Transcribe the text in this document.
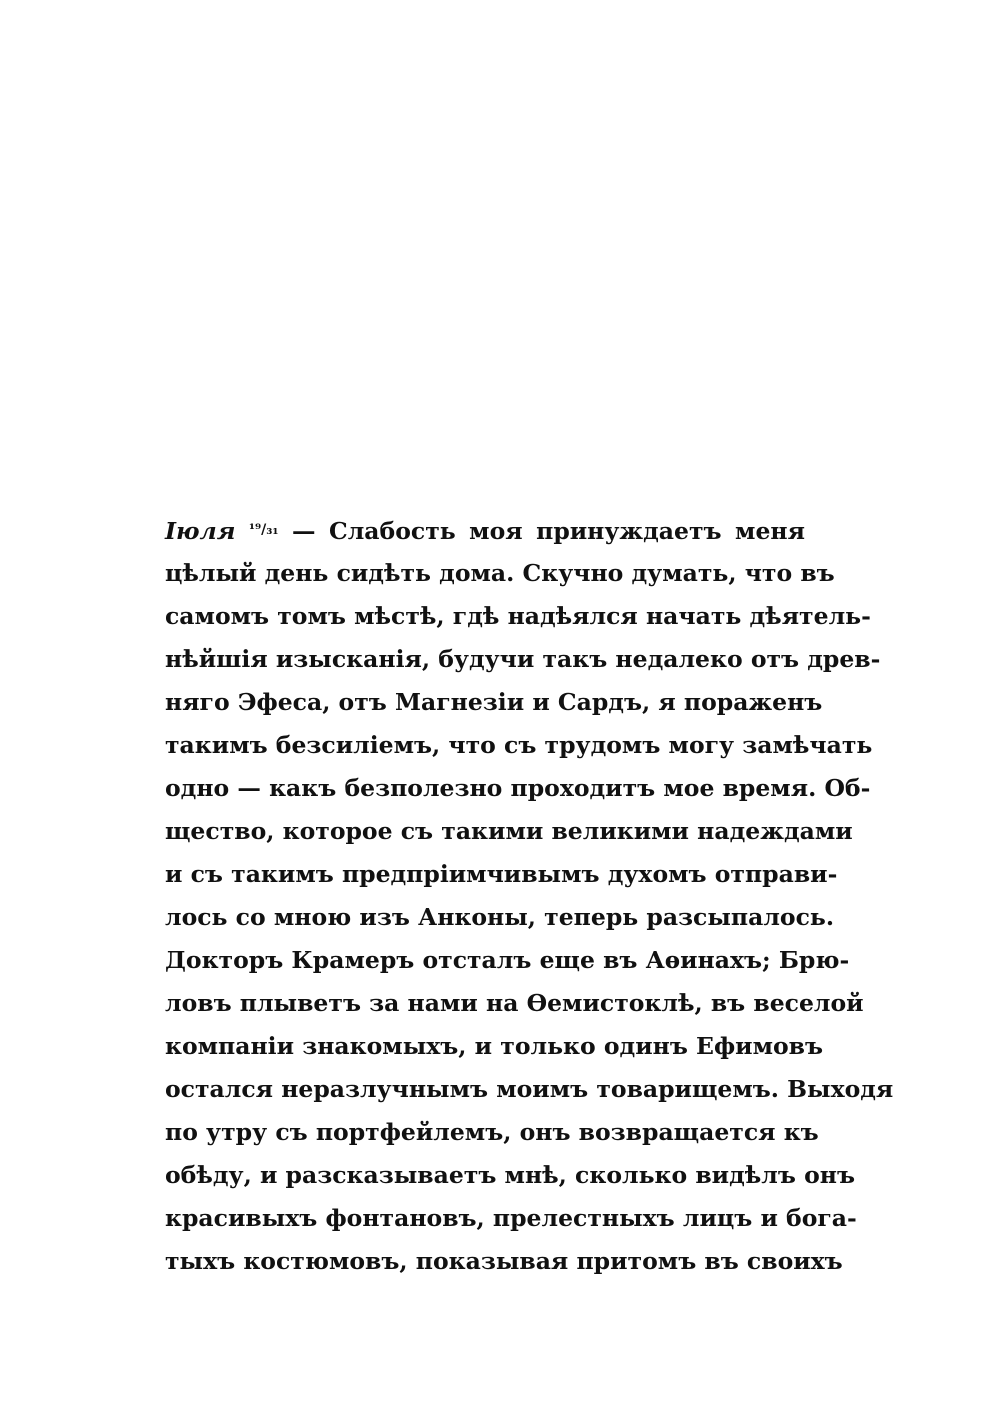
Іюля $^{^{19}/_{31}}$ — Слабость моя принуждаетъ меня
цѣлый день сидѣть дома. Скучно думать, что въ
самомъ томъ мѣстѣ, гдѣ надѣялся начать дѣятель-
нѣйшія изысканія, будучи такъ недалеко отъ древ-
няго Эфеса, отъ Магнезіи и Сардъ, я пораженъ
такимъ безсиліемъ, что съ трудомъ могу замѣчать
одно — какъ безполезно проходитъ мое время. Об-
щество, которое съ такими великими надеждами
и съ такимъ предпріимчивымъ духомъ отправи-
лось со мною изъ Анконы, теперь разсыпалось.
Докторъ Крамеръ отсталъ еще въ Аѳинахъ; Брю-
ловъ плыветъ за нами на Ѳемистоклѣ, въ веселой
компаніи знакомыхъ, и только одинъ Ефимовъ
остался неразлучнымъ моимъ товарищемъ. Выходя
по утру съ портфейлемъ, онъ возвращается къ
обѣду, и разсказываетъ мнѣ, сколько видѣлъ онъ
красивыхъ фонтановъ, прелестныхъ лицъ и бога-
тыхъ костюмовъ, показывая притомъ въ своихъ
